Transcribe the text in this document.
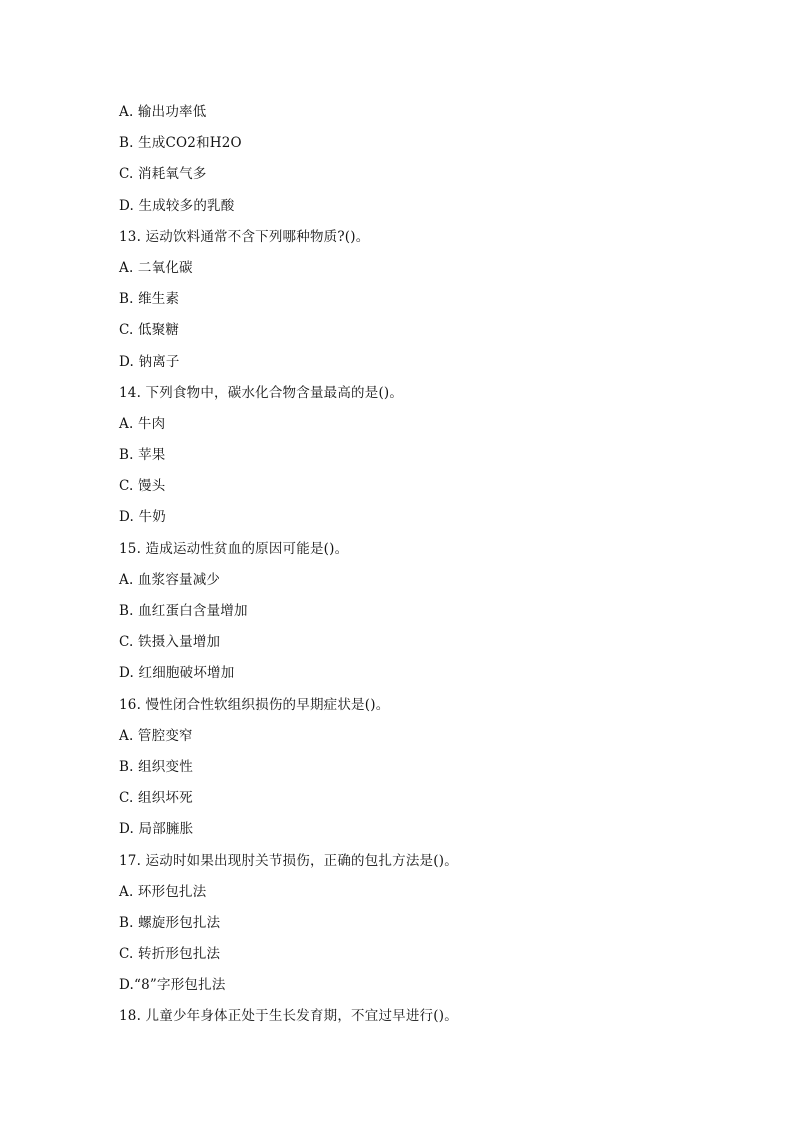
A. 输出功率低
B. 生成CO2和H2O
C. 消耗氧气多
D. 生成较多的乳酸
13. 运动饮料通常不含下列哪种物质?()。
A. 二氧化碳
B. 维生素
C. 低聚糖
D. 钠离子
14. 下列食物中，碳水化合物含量最高的是()。
A. 牛肉
B. 苹果
C. 馒头
D. 牛奶
15. 造成运动性贫血的原因可能是()。
A. 血浆容量减少
B. 血红蛋白含量增加
C. 铁摄入量增加
D. 红细胞破坏增加
16. 慢性闭合性软组织损伤的早期症状是()。
A. 管腔变窄
B. 组织变性
C. 组织坏死
D. 局部臃胀
17. 运动时如果出现肘关节损伤，正确的包扎方法是()。
A. 环形包扎法
B. 螺旋形包扎法
C. 转折形包扎法
D.“8”字形包扎法
18. 儿童少年身体正处于生长发育期，不宜过早进行()。
